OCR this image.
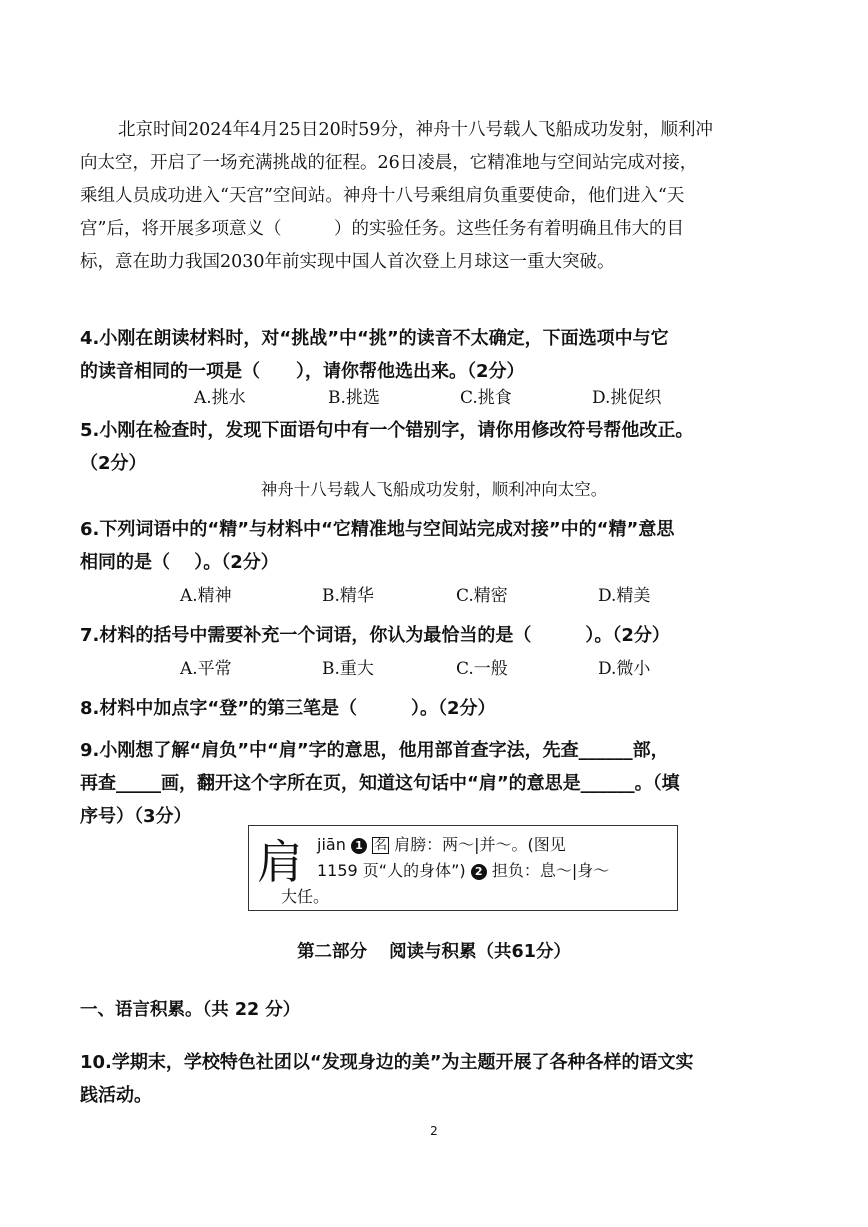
北京时间2024年4月25日20时59分，神舟十八号载人飞船成功发射，顺利冲
向太空，开启了一场充满挑战的征程。26日凌晨，它精准地与空间站完成对接，
乘组人员成功进入“天宫”空间站。神舟十八号乘组肩负重要使命，他们进入“天
宫”后，将开展多项意义（　　　）的实验任务。这些任务有着明确且伟大的目
标，意在助力我国2030年前实现中国人首次登上月球这一重大突破。
4.小刚在朗读材料时，对“挑战”中“挑”的读音不太确定，下面选项中与它
的读音相同的一项是（　　），请你帮他选出来。（2分）
A.挑水	B.挑选	C.挑食	D.挑促织
5.小刚在检查时，发现下面语句中有一个错别字，请你用修改符号帮他改正。
（2分）
神舟十八号载人飞船成功发射，顺利冲向太空。
6.下列词语中的“精”与材料中“它精准地与空间站完成对接”中的“精”意思
相同的是（　 ）。（2分）
A.精神	B.精华	C.精密	D.精美
7.材料的括号中需要补充一个词语，你认为最恰当的是（　　　）。（2分）
A.平常	B.重大	C.一般	D.微小
8.材料中加点字“登”的第三笔是（　　　）。（2分）
9.小刚想了解“肩负”中“肩”字的意思，他用部首查字法，先查______部，
再查_____画，翻开这个字所在页，知道这句话中“肩”的意思是______。（填
序号）（3分）
肩 jiān 1 名 肩膀：两～|并～。(图见
1159 页“人的身体”) 2 担负：息～|身～
大任。
第二部分 阅读与积累（共61分）
一、语言积累。（共 22 分）
10.学期末，学校特色社团以“发现身边的美”为主题开展了各种各样的语文实
践活动。
2
